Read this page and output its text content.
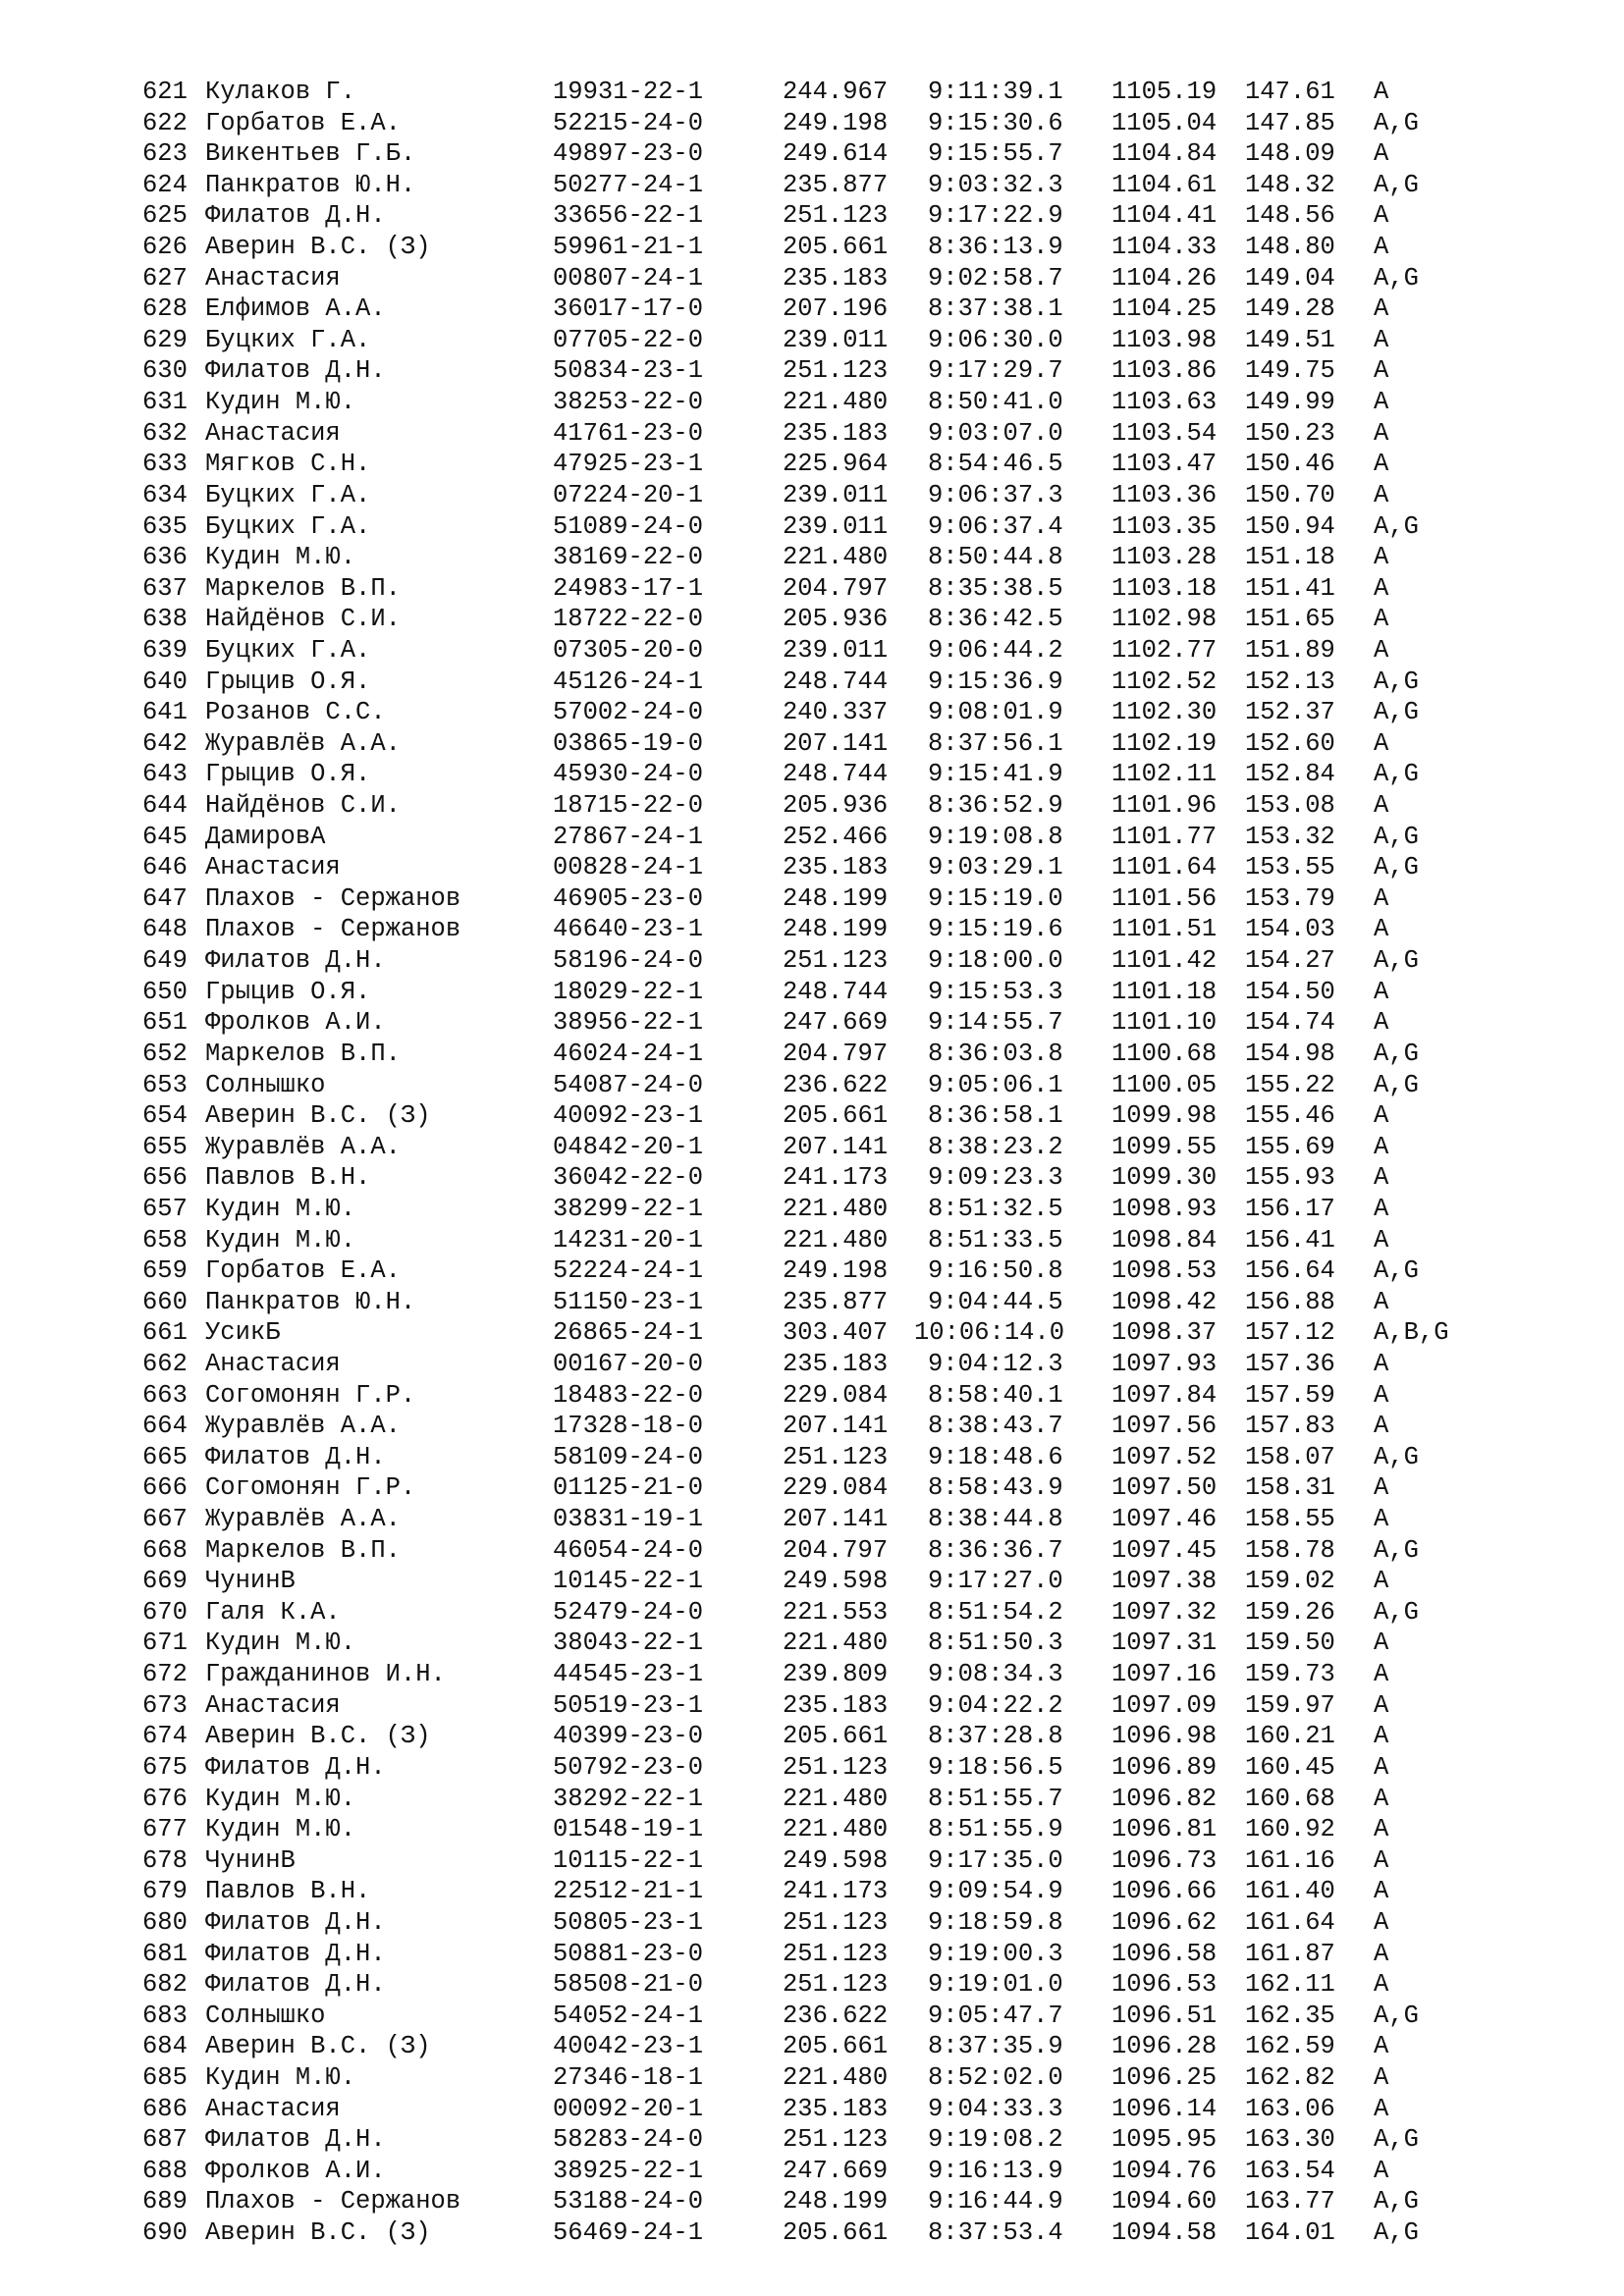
621 Кулаков Г.	19931-22-1	244.967 9:11:39.1 1105.19 147.61 A
622 Горбатов Е.А.	52215-24-0	249.198 9:15:30.6 1105.04 147.85 A,G
623 Викентьев Г.Б.	49897-23-0	249.614 9:15:55.7 1104.84 148.09 A
624 Панкратов Ю.Н.	50277-24-1	235.877 9:03:32.3 1104.61 148.32 A,G
625 Филатов Д.Н.	33656-22-1	251.123 9:17:22.9 1104.41 148.56 A
626 Аверин В.С. (З)	59961-21-1	205.661 8:36:13.9 1104.33 148.80 A
627 Анастасия	00807-24-1	235.183 9:02:58.7 1104.26 149.04 A,G
628 Елфимов А.А.	36017-17-0	207.196 8:37:38.1 1104.25 149.28 A
629 Буцких Г.А.	07705-22-0	239.011 9:06:30.0 1103.98 149.51 A
630 Филатов Д.Н.	50834-23-1	251.123 9:17:29.7 1103.86 149.75 A
631 Кудин М.Ю.	38253-22-0	221.480 8:50:41.0 1103.63 149.99 A
632 Анастасия	41761-23-0	235.183 9:03:07.0 1103.54 150.23 A
633 Мягков С.Н.	47925-23-1	225.964 8:54:46.5 1103.47 150.46 A
634 Буцких Г.А.	07224-20-1	239.011 9:06:37.3 1103.36 150.70 A
635 Буцких Г.А.	51089-24-0	239.011 9:06:37.4 1103.35 150.94 A,G
636 Кудин М.Ю.	38169-22-0	221.480 8:50:44.8 1103.28 151.18 A
637 Маркелов В.П.	24983-17-1	204.797 8:35:38.5 1103.18 151.41 A
638 Найдёнов С.И.	18722-22-0	205.936 8:36:42.5 1102.98 151.65 A
639 Буцких Г.А.	07305-20-0	239.011 9:06:44.2 1102.77 151.89 A
640 Грыцив О.Я.	45126-24-1	248.744 9:15:36.9 1102.52 152.13 A,G
641 Розанов С.С.	57002-24-0	240.337 9:08:01.9 1102.30 152.37 A,G
642 Журавлёв А.А.	03865-19-0	207.141 8:37:56.1 1102.19 152.60 A
643 Грыцив О.Я.	45930-24-0	248.744 9:15:41.9 1102.11 152.84 A,G
644 Найдёнов С.И.	18715-22-0	205.936 8:36:52.9 1101.96 153.08 A
645 ДамировА	27867-24-1	252.466 9:19:08.8 1101.77 153.32 A,G
646 Анастасия	00828-24-1	235.183 9:03:29.1 1101.64 153.55 A,G
647 Плахов - Сержанов	46905-23-0	248.199 9:15:19.0 1101.56 153.79 A
648 Плахов - Сержанов	46640-23-1	248.199 9:15:19.6 1101.51 154.03 A
649 Филатов Д.Н.	58196-24-0	251.123 9:18:00.0 1101.42 154.27 A,G
650 Грыцив О.Я.	18029-22-1	248.744 9:15:53.3 1101.18 154.50 A
651 Фролков А.И.	38956-22-1	247.669 9:14:55.7 1101.10 154.74 A
652 Маркелов В.П.	46024-24-1	204.797 8:36:03.8 1100.68 154.98 A,G
653 Солнышко	54087-24-0	236.622 9:05:06.1 1100.05 155.22 A,G
654 Аверин В.С. (З)	40092-23-1	205.661 8:36:58.1 1099.98 155.46 A
655 Журавлёв А.А.	04842-20-1	207.141 8:38:23.2 1099.55 155.69 A
656 Павлов В.Н.	36042-22-0	241.173 9:09:23.3 1099.30 155.93 A
657 Кудин М.Ю.	38299-22-1	221.480 8:51:32.5 1098.93 156.17 A
658 Кудин М.Ю.	14231-20-1	221.480 8:51:33.5 1098.84 156.41 A
659 Горбатов Е.А.	52224-24-1	249.198 9:16:50.8 1098.53 156.64 A,G
660 Панкратов Ю.Н.	51150-23-1	235.877 9:04:44.5 1098.42 156.88 A
661 УсикБ	26865-24-1	303.407 10:06:14.0 1098.37 157.12 A,B,G
662 Анастасия	00167-20-0	235.183 9:04:12.3 1097.93 157.36 A
663 Согомонян Г.Р.	18483-22-0	229.084 8:58:40.1 1097.84 157.59 A
664 Журавлёв А.А.	17328-18-0	207.141 8:38:43.7 1097.56 157.83 A
665 Филатов Д.Н.	58109-24-0	251.123 9:18:48.6 1097.52 158.07 A,G
666 Согомонян Г.Р.	01125-21-0	229.084 8:58:43.9 1097.50 158.31 A
667 Журавлёв А.А.	03831-19-1	207.141 8:38:44.8 1097.46 158.55 A
668 Маркелов В.П.	46054-24-0	204.797 8:36:36.7 1097.45 158.78 A,G
669 ЧунинВ	10145-22-1	249.598 9:17:27.0 1097.38 159.02 A
670 Галя К.А.	52479-24-0	221.553 8:51:54.2 1097.32 159.26 A,G
671 Кудин М.Ю.	38043-22-1	221.480 8:51:50.3 1097.31 159.50 A
672 Гражданинов И.Н.	44545-23-1	239.809 9:08:34.3 1097.16 159.73 A
673 Анастасия	50519-23-1	235.183 9:04:22.2 1097.09 159.97 A
674 Аверин В.С. (З)	40399-23-0	205.661 8:37:28.8 1096.98 160.21 A
675 Филатов Д.Н.	50792-23-0	251.123 9:18:56.5 1096.89 160.45 A
676 Кудин М.Ю.	38292-22-1	221.480 8:51:55.7 1096.82 160.68 A
677 Кудин М.Ю.	01548-19-1	221.480 8:51:55.9 1096.81 160.92 A
678 ЧунинВ	10115-22-1	249.598 9:17:35.0 1096.73 161.16 A
679 Павлов В.Н.	22512-21-1	241.173 9:09:54.9 1096.66 161.40 A
680 Филатов Д.Н.	50805-23-1	251.123 9:18:59.8 1096.62 161.64 A
681 Филатов Д.Н.	50881-23-0	251.123 9:19:00.3 1096.58 161.87 A
682 Филатов Д.Н.	58508-21-0	251.123 9:19:01.0 1096.53 162.11 A
683 Солнышко	54052-24-1	236.622 9:05:47.7 1096.51 162.35 A,G
684 Аверин В.С. (З)	40042-23-1	205.661 8:37:35.9 1096.28 162.59 A
685 Кудин М.Ю.	27346-18-1	221.480 8:52:02.0 1096.25 162.82 A
686 Анастасия	00092-20-1	235.183 9:04:33.3 1096.14 163.06 A
687 Филатов Д.Н.	58283-24-0	251.123 9:19:08.2 1095.95 163.30 A,G
688 Фролков А.И.	38925-22-1	247.669 9:16:13.9 1094.76 163.54 A
689 Плахов - Сержанов	53188-24-0	248.199 9:16:44.9 1094.60 163.77 A,G
690 Аверин В.С. (З)	56469-24-1	205.661 8:37:53.4 1094.58 164.01 A,G
